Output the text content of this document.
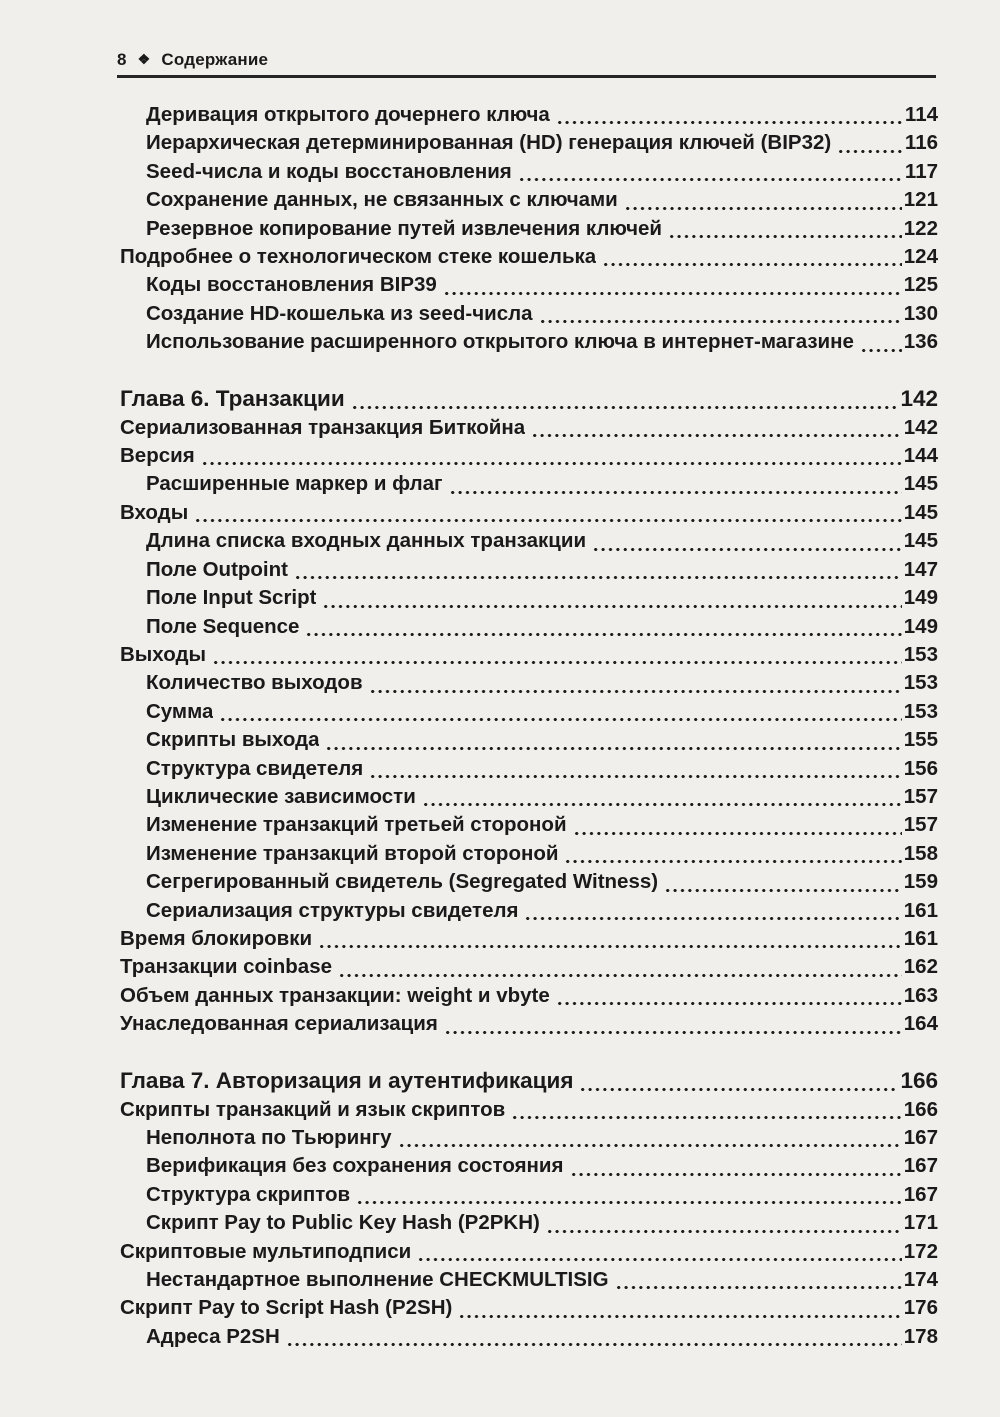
8 ❖ Содержание
Деривация открытого дочернего ключа	114
Иерархическая детерминированная (HD) генерация ключей (BIP32)	116
Seed-числа и коды восстановления	117
Сохранение данных, не связанных с ключами	121
Резервное копирование путей извлечения ключей	122
Подробнее о технологическом стеке кошелька	124
Коды восстановления BIP39	125
Создание HD-кошелька из seed-числа	130
Использование расширенного открытого ключа в интернет-магазине 136
Глава 6. Транзакции	142
Сериализованная транзакция Биткойна	142
Версия	144
Расширенные маркер и флаг	145
Входы	145
Длина списка входных данных транзакции	145
Поле Outpoint	147
Поле Input Script	149
Поле Sequence	149
Выходы	153
Количество выходов	153
Сумма	153
Скрипты выхода	155
Структура свидетеля	156
Циклические зависимости	157
Изменение транзакций третьей стороной	157
Изменение транзакций второй стороной	158
Сегрегированный свидетель (Segregated Witness)	159
Сериализация структуры свидетеля	161
Время блокировки	161
Транзакции coinbase	162
Объем данных транзакции: weight и vbyte	163
Унаследованная сериализация	164
Глава 7. Авторизация и аутентификация	166
Скрипты транзакций и язык скриптов	166
Неполнота по Тьюрингу	167
Верификация без сохранения состояния	167
Структура скриптов	167
Скрипт Pay to Public Key Hash (P2PKH)	171
Скриптовые мультиподписи	172
Нестандартное выполнение CHECKMULTISIG	174
Скрипт Pay to Script Hash (P2SH)	176
Адреса P2SH	178
